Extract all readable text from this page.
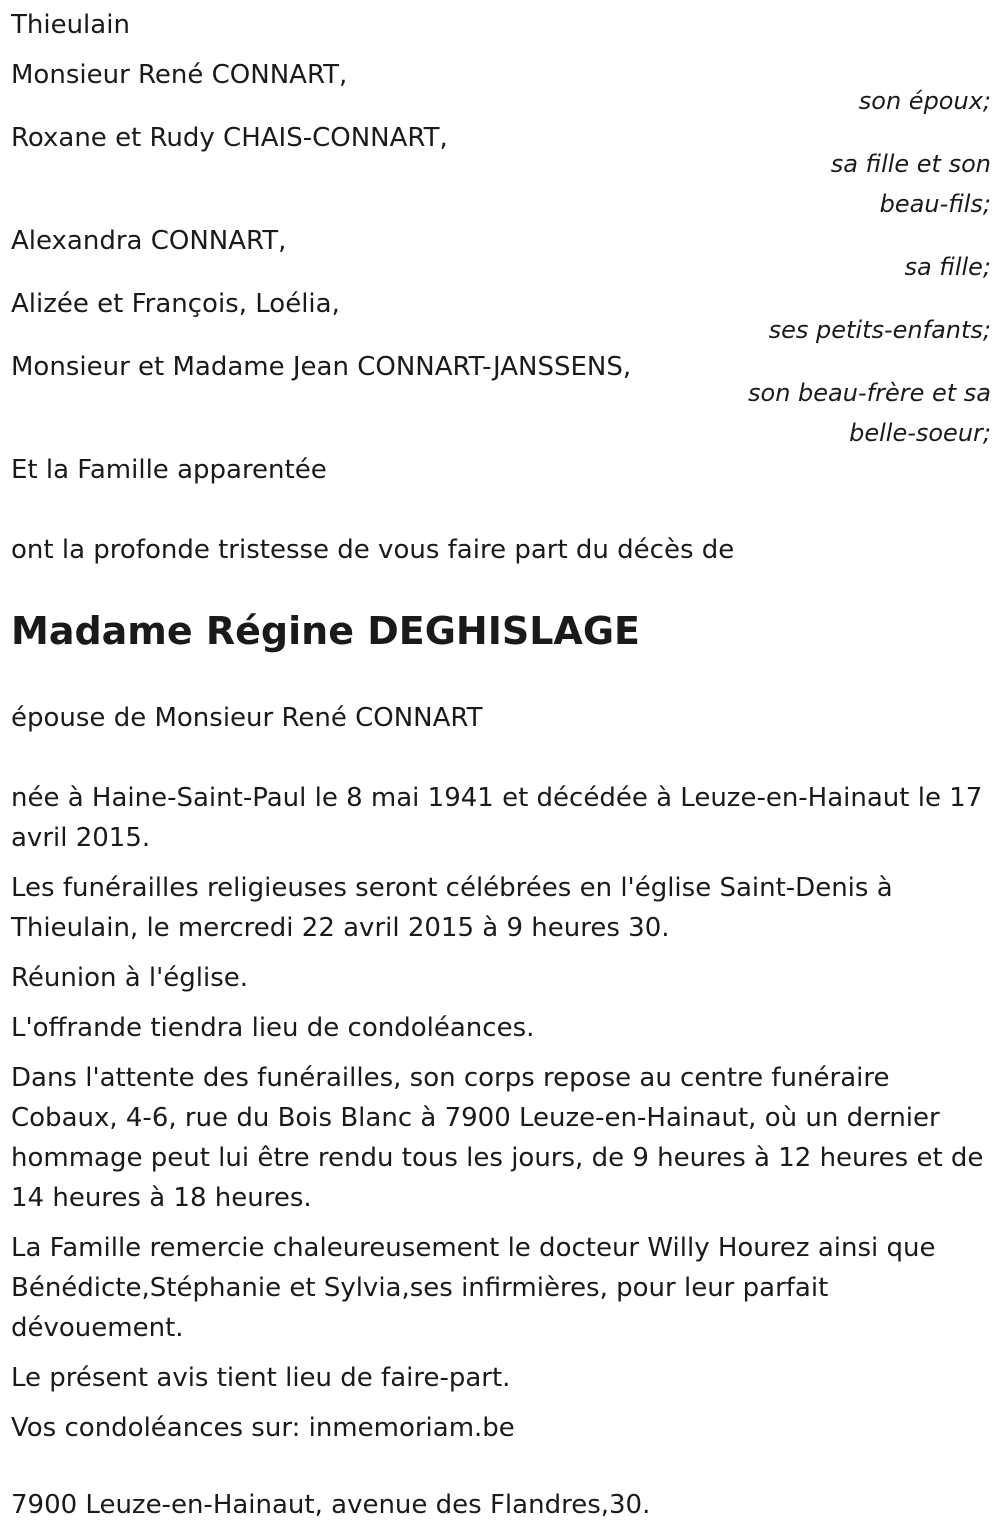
Thieulain
Monsieur René CONNART,
son époux;
Roxane et Rudy CHAIS-CONNART,
sa fille et son
beau-fils;
Alexandra CONNART,
sa fille;
Alizée et François, Loélia,
ses petits-enfants;
Monsieur et Madame Jean CONNART-JANSSENS,
son beau-frère et sa
belle-soeur;
Et la Famille apparentée
ont la profonde tristesse de vous faire part du décès de
Madame Régine DEGHISLAGE
épouse de Monsieur René CONNART
née à Haine-Saint-Paul le 8 mai 1941 et décédée à Leuze-en-Hainaut le 17 avril 2015.
Les funérailles religieuses seront célébrées en l'église Saint-Denis à Thieulain, le mercredi 22 avril 2015 à 9 heures 30.
Réunion à l'église.
L'offrande tiendra lieu de condoléances.
Dans l'attente des funérailles, son corps repose au centre funéraire Cobaux, 4-6, rue du Bois Blanc à 7900 Leuze-en-Hainaut, où un dernier hommage peut lui être rendu tous les jours, de 9 heures à 12 heures et de 14 heures à 18 heures.
La Famille remercie chaleureusement le docteur Willy Hourez ainsi que Bénédicte,Stéphanie et Sylvia,ses infirmières, pour leur parfait dévouement.
Le présent avis tient lieu de faire-part.
Vos condoléances sur: inmemoriam.be
7900 Leuze-en-Hainaut, avenue des Flandres,30.
